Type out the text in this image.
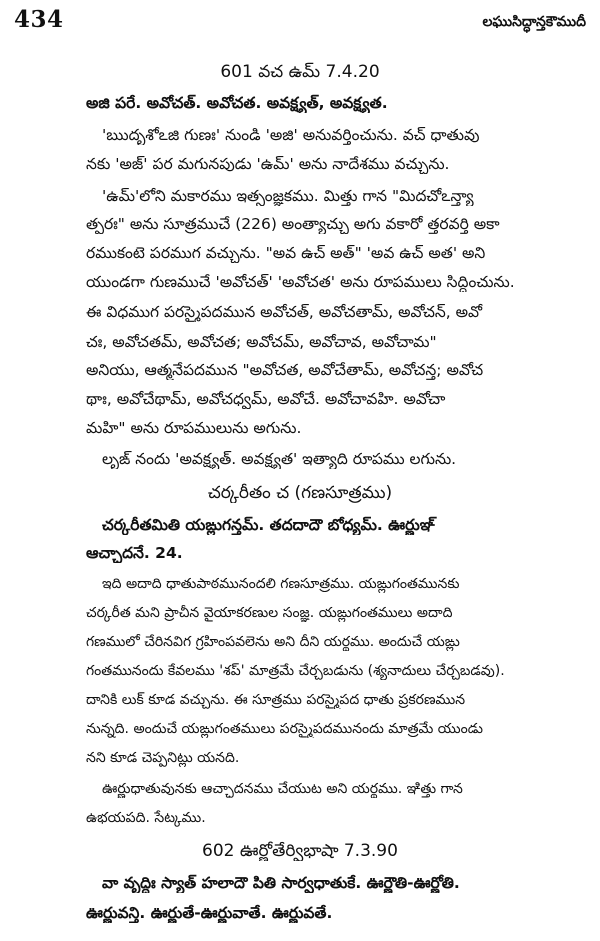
434	లఘుసిద్ధాన్తకౌముదీ
601 వచ ఉమ్ 7.4.20
అజి పరే. అవోచత్. అవోచత. అవక్ష్యత్, అవక్ష్యత.
'ఋదృశోఽజి గుణః' నుండి 'అజి' అనువర్తించును. వచ్ ధాతువు
నకు 'అజ్' పర మగునపుడు 'ఉమ్' అను నాదేశము వచ్చును.
'ఉమ్'లోని మకారము ఇత్సంజ్ఞకము. మిత్తు గాన "మిదచోఽన్త్యా
త్పరః" అను సూత్రముచే (226) అంత్యాచ్చు అగు వకారో త్తరవర్తి అకా
రముకంటె పరముగ వచ్చును. "అవ ఉచ్ అత్" 'అవ ఉచ్ అత' అని
యుండగా గుణముచే 'అవోచత్' 'అవోచత' అను రూపములు సిద్ధించును.
ఈ విధముగ పరస్మైపదమున అవోచత్, అవోచతామ్, అవోచన్, అవో
చః, అవోచతమ్, అవోచత; అవోచమ్, అవోచావ, అవోచామ"
అనియు, ఆత్మనేపదమున "అవోచత, అవోచేతామ్, అవోచన్త; అవోచ
థాః, అవోచేథామ్, అవోచధ్వమ్, అవోచే. అవోచావహి. అవోచా
మహి" అను రూపములును అగును.
లృఙ్ నందు 'అవక్ష్యత్. అవక్ష్యత' ఇత్యాది రూపము లగును.
చర్కరీతం చ (గణసూత్రము)
చర్కరీతమితి యఙ్లుగన్తమ్. తదదాదౌ బోధ్యమ్. ఊర్ణుఞ్
ఆచ్ఛాదనే. 24.
ఇది అదాది ధాతుపాఠమునందలి గణసూత్రము. యఙ్లుగంతమునకు
చర్కరీత మని ప్రాచీన వైయాకరణుల సంజ్ఞ. యఙ్లుగంతములు అదాది
గణములో చేరినవిగ గ్రహింపవలెను అని దీని యర్థము. అందుచే యఙ్లు
గంతమునందు కేవలము 'శప్' మాత్రమే చేర్చబడును (శ్యనాదులు చేర్చబడవు).
దానికి లుక్ కూడ వచ్చును. ఈ సూత్రము పరస్మైపద ధాతు ప్రకరణమున
నున్నది. అందుచే యఙ్లుగంతములు పరస్మైపదమునందు మాత్రమే యుండు
నని కూడ చెప్పనిట్లు యనది.
ఊర్ణుధాతువునకు ఆచ్ఛాదనము చేయుట అని యర్థము. ఞిత్తు గాన
ఉభయపది. సేట్కము.
602 ఊర్ణోతేర్విభాషా 7.3.90
వా వృద్ధిః స్యాత్ హలాదౌ పితి సార్వధాతుకే. ఊర్ణౌతి-ఊర్ణోతి.
ఊర్ణువన్తి. ఊర్ణుతే-ఊర్ణువాతే. ఊర్ణువతే.
